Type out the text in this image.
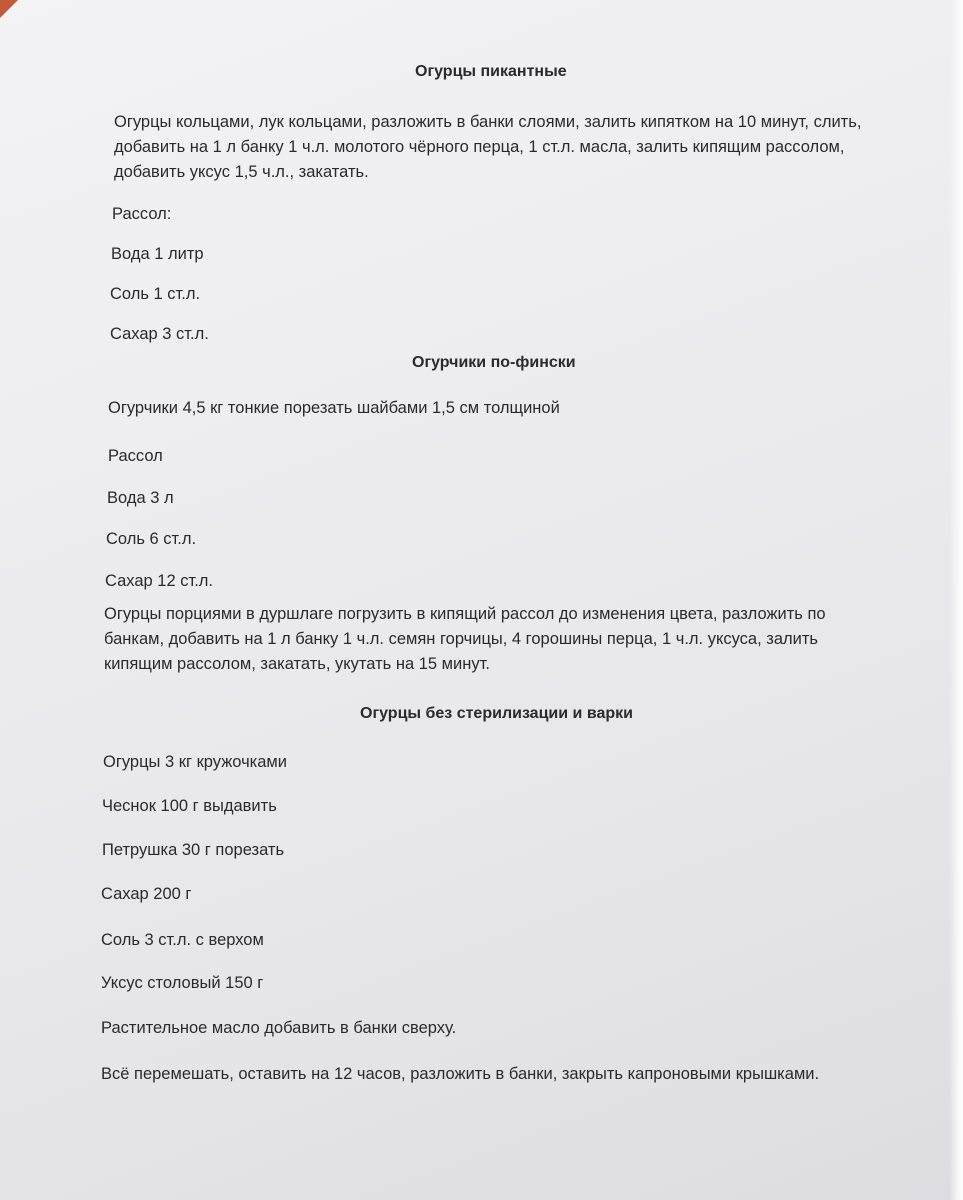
Огурцы пикантные
Огурцы кольцами, лук кольцами, разложить в банки слоями, залить кипятком на 10 минут, слить, добавить на 1 л банку 1 ч.л. молотого чёрного перца, 1 ст.л. масла, залить кипящим рассолом, добавить уксус 1,5 ч.л., закатать.
Рассол:
Вода 1 литр
Соль 1 ст.л.
Сахар 3 ст.л.
Огурчики по-фински
Огурчики 4,5 кг тонкие порезать шайбами 1,5 см толщиной
Рассол
Вода 3 л
Соль 6 ст.л.
Сахар 12 ст.л.
Огурцы порциями в дуршлаге погрузить в кипящий рассол до изменения цвета, разложить по банкам, добавить на 1 л банку 1 ч.л. семян горчицы, 4 горошины перца, 1 ч.л. уксуса, залить кипящим рассолом, закатать, укутать на 15 минут.
Огурцы без стерилизации и варки
Огурцы 3 кг кружочками
Чеснок 100 г выдавить
Петрушка 30 г порезать
Сахар 200 г
Соль 3 ст.л. с верхом
Уксус столовый 150 г
Растительное масло добавить в банки сверху.
Всё перемешать, оставить на 12 часов, разложить в банки, закрыть капроновыми крышками.
